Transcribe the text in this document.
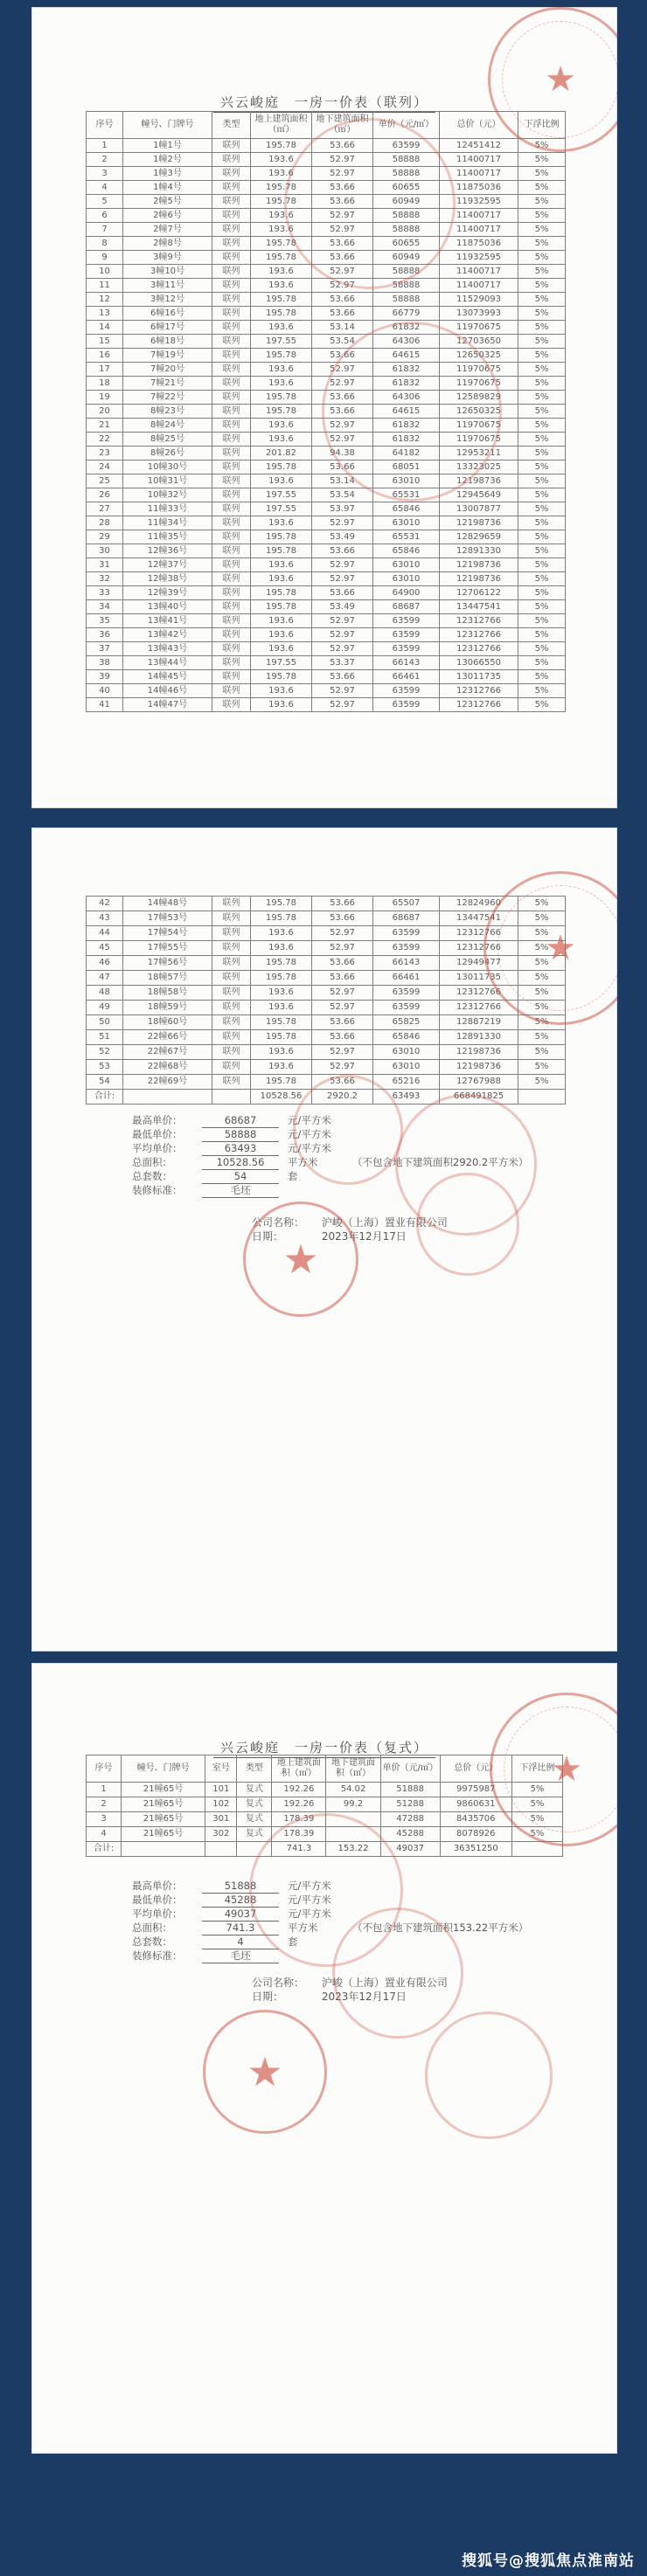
兴云峻庭　一房一价表（联列）
序号	幢号、门牌号	类型	地上建筑面积（㎡）	地下建筑面积（㎡）	单价（元/㎡）	总价（元）	下浮比例
1	1幢1号	联列	195.78	53.66	63599	12451412	5%
2	1幢2号	联列	193.6	52.97	58888	11400717	5%
3	1幢3号	联列	193.6	52.97	58888	11400717	5%
4	1幢4号	联列	195.78	53.66	60655	11875036	5%
5	2幢5号	联列	195.78	53.66	60949	11932595	5%
6	2幢6号	联列	193.6	52.97	58888	11400717	5%
7	2幢7号	联列	193.6	52.97	58888	11400717	5%
8	2幢8号	联列	195.78	53.66	60655	11875036	5%
9	3幢9号	联列	195.78	53.66	60949	11932595	5%
10	3幢10号	联列	193.6	52.97	58888	11400717	5%
11	3幢11号	联列	193.6	52.97	58888	11400717	5%
12	3幢12号	联列	195.78	53.66	58888	11529093	5%
13	6幢16号	联列	195.78	53.66	66779	13073993	5%
14	6幢17号	联列	193.6	53.14	61832	11970675	5%
15	6幢18号	联列	197.55	53.54	64306	12703650	5%
16	7幢19号	联列	195.78	53.66	64615	12650325	5%
17	7幢20号	联列	193.6	52.97	61832	11970675	5%
18	7幢21号	联列	193.6	52.97	61832	11970675	5%
19	7幢22号	联列	195.78	53.66	64306	12589829	5%
20	8幢23号	联列	195.78	53.66	64615	12650325	5%
21	8幢24号	联列	193.6	52.97	61832	11970675	5%
22	8幢25号	联列	193.6	52.97	61832	11970675	5%
23	8幢26号	联列	201.82	94.38	64182	12953211	5%
24	10幢30号	联列	195.78	53.66	68051	13323025	5%
25	10幢31号	联列	193.6	53.14	63010	12198736	5%
26	10幢32号	联列	197.55	53.54	65531	12945649	5%
27	11幢33号	联列	197.55	53.97	65846	13007877	5%
28	11幢34号	联列	193.6	52.97	63010	12198736	5%
29	11幢35号	联列	195.78	53.49	65531	12829659	5%
30	12幢36号	联列	195.78	53.66	65846	12891330	5%
31	12幢37号	联列	193.6	52.97	63010	12198736	5%
32	12幢38号	联列	193.6	52.97	63010	12198736	5%
33	12幢39号	联列	195.78	53.66	64900	12706122	5%
34	13幢40号	联列	195.78	53.49	68687	13447541	5%
35	13幢41号	联列	193.6	52.97	63599	12312766	5%
36	13幢42号	联列	193.6	52.97	63599	12312766	5%
37	13幢43号	联列	193.6	52.97	63599	12312766	5%
38	13幢44号	联列	197.55	53.37	66143	13066550	5%
39	14幢45号	联列	195.78	53.66	66461	13011735	5%
40	14幢46号	联列	193.6	52.97	63599	12312766	5%
41	14幢47号	联列	193.6	52.97	63599	12312766	5%
★
42	14幢48号	联列	195.78	53.66	65507	12824960	5%
43	17幢53号	联列	195.78	53.66	68687	13447541	5%
44	17幢54号	联列	193.6	52.97	63599	12312766	5%
45	17幢55号	联列	193.6	52.97	63599	12312766	5%
46	17幢56号	联列	195.78	53.66	66143	12949477	5%
47	18幢57号	联列	195.78	53.66	66461	13011735	5%
48	18幢58号	联列	193.6	52.97	63599	12312766	5%
49	18幢59号	联列	193.6	52.97	63599	12312766	5%
50	18幢60号	联列	195.78	53.66	65825	12887219	5%
51	22幢66号	联列	195.78	53.66	65846	12891330	5%
52	22幢67号	联列	193.6	52.97	63010	12198736	5%
53	22幢68号	联列	193.6	52.97	63010	12198736	5%
54	22幢69号	联列	195.78	53.66	65216	12767988	5%
合计:			10528.56	2920.2	63493	668491825	
最高单价：	68687	元/平方米
最低单价：	58888	元/平方米
平均单价：	63493	元/平方米
总面积：	10528.56 平方米	（不包含地下建筑面积2920.2平方米）
总套数：	54	套
装修标准：	毛坯
公司名称： 沪峻（上海）置业有限公司
日期：	2023年12月17日
★
★
兴云峻庭　一房一价表（复式）
序号	幢号、门牌号	室号	类型	地上建筑面积（㎡）	地下建筑面积（㎡）	单价（元/㎡）	总价（元）	下浮比例
1	21幢65号	101	复式	192.26	54.02	51888	9975987	5%
2	21幢65号	102	复式	192.26	99.2	51288	9860631	5%
3	21幢65号	301	复式	178.39		47288	8435706	5%
4	21幢65号	302	复式	178.39		45288	8078926	5%
合计:				741.3	153.22	49037	36351250	
最高单价：	51888	元/平方米
最低单价：	45288	元/平方米
平均单价：	49037	元/平方米
总面积：	741.3	平方米	（不包含地下建筑面积153.22平方米）
总套数：	4	套
装修标准：	毛坯
公司名称： 沪峻（上海）置业有限公司
日期：	2023年12月17日
★
★
搜狐号@搜狐焦点淮南站
